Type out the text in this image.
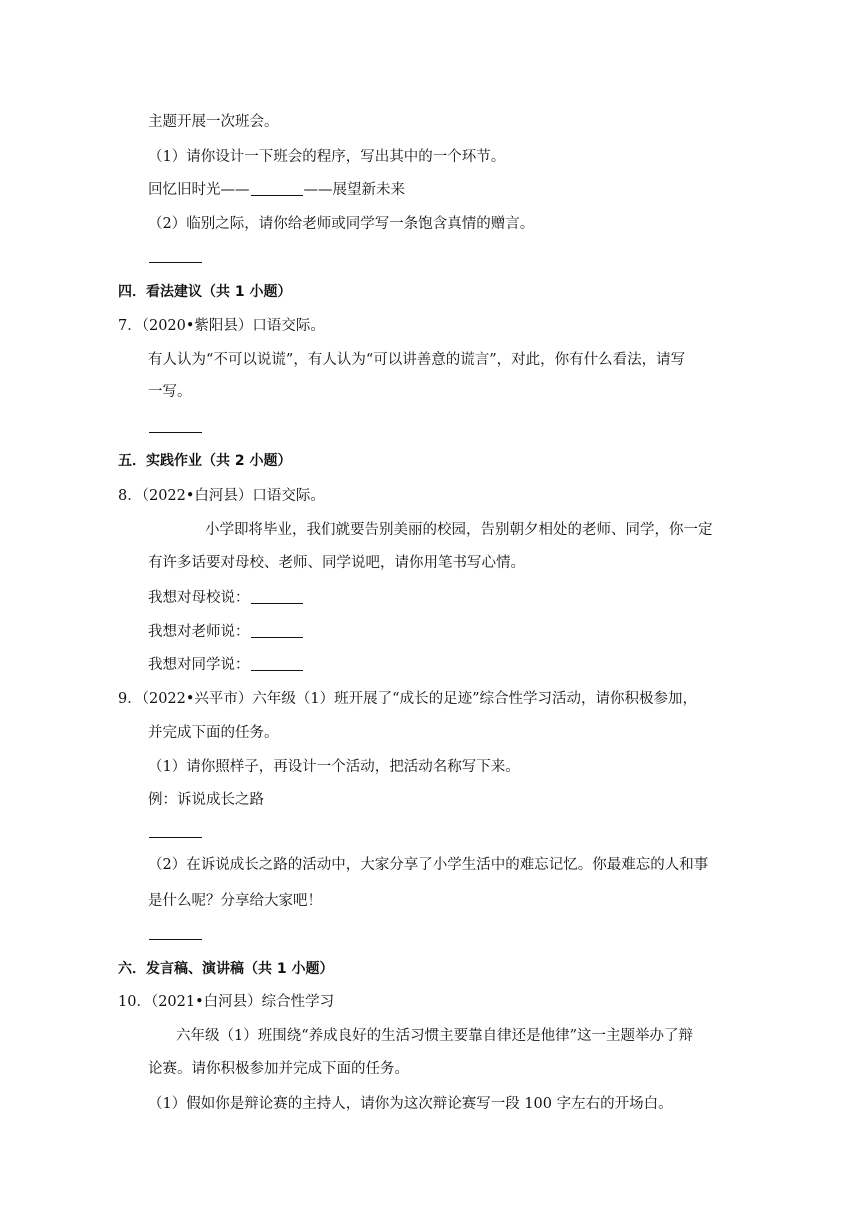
主题开展一次班会。
（1）请你设计一下班会的程序，写出其中的一个环节。
回忆旧时光——	——展望新未来
（2）临别之际，请你给老师或同学写一条饱含真情的赠言。
四．看法建议（共 1 小题）
7．（2020•紫阳县）口语交际。
有人认为“不可以说谎”，有人认为“可以讲善意的谎言”，对此，你有什么看法，请写
一写。
五．实践作业（共 2 小题）
8．（2022•白河县）口语交际。
小学即将毕业，我们就要告别美丽的校园，告别朝夕相处的老师、同学，你一定
有许多话要对母校、老师、同学说吧，请你用笔书写心情。
我想对母校说：
我想对老师说：
我想对同学说：
9．（2022•兴平市）六年级（1）班开展了“成长的足迹”综合性学习活动，请你积极参加，
并完成下面的任务。
（1）请你照样子，再设计一个活动，把活动名称写下来。
例：诉说成长之路
（2）在诉说成长之路的活动中，大家分享了小学生活中的难忘记忆。你最难忘的人和事
是什么呢？分享给大家吧！
六．发言稿、演讲稿（共 1 小题）
10．（2021•白河县）综合性学习
六年级（1）班围绕“养成良好的生活习惯主要靠自律还是他律”这一主题举办了辩
论赛。请你积极参加并完成下面的任务。
（1）假如你是辩论赛的主持人，请你为这次辩论赛写一段 100 字左右的开场白。
